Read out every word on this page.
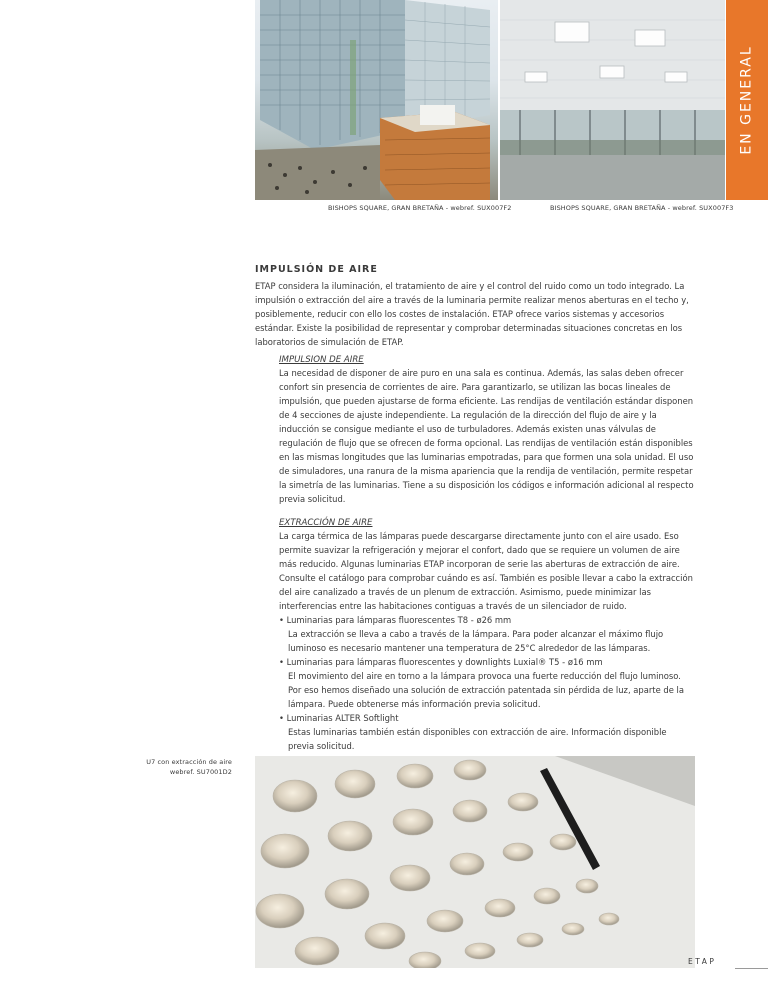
BISHOPS SQUARE, GRAN BRETAÑA - webref. SUX007F2	BISHOPS SQUARE, GRAN BRETAÑA - webref. SUX007F3
EN GENERAL
IMPULSIÓN DE AIRE

ETAP considera la iluminación, el tratamiento de aire y el control del ruido como un todo integrado. La impulsión o extracción del aire a través de la luminaria permite realizar menos aberturas en el techo y, posiblemente, reducir con ello los costes de instalación. ETAP ofrece varios sistemas y accesorios estándar. Existe la posibilidad de representar y comprobar determinadas situaciones concretas en los laboratorios de simulación de ETAP.

IMPULSION DE AIRE

La necesidad de disponer de aire puro en una sala es continua. Además, las salas deben ofrecer confort sin presencia de corrientes de aire. Para garantizarlo, se utilizan las bocas lineales de impulsión, que pueden ajustarse de forma eficiente. Las rendijas de ventilación estándar disponen de 4 secciones de ajuste independiente. La regulación de la dirección del flujo de aire y la inducción se consigue mediante el uso de turbuladores. Además existen unas válvulas de regulación de flujo que se ofrecen de forma opcional. Las rendijas de ventilación están disponibles en las mismas longitudes que las luminarias empotradas, para que formen una sola unidad. El uso de simuladores, una ranura de la misma apariencia que la rendija de ventilación, permite respetar la simetría de las luminarias. Tiene a su disposición los códigos e información adicional al respecto previa solicitud.

EXTRACCIÓN DE AIRE

La carga térmica de las lámparas puede descargarse directamente junto con el aire usado. Eso permite suavizar la refrigeración y mejorar el confort, dado que se requiere un volumen de aire más reducido. Algunas luminarias ETAP incorporan de serie las aberturas de extracción de aire. Consulte el catálogo para comprobar cuándo es así. También es posible llevar a cabo la extracción del aire canalizado a través de un plenum de extracción. Asimismo, puede minimizar las interferencias entre las habitaciones contiguas a través de un silenciador de ruido.

• Luminarias para lámparas fluorescentes T8 - ø26 mm
La extracción se lleva a cabo a través de la lámpara. Para poder alcanzar el máximo flujo luminoso es necesario mantener una temperatura de 25°C alrededor de las lámparas.
• Luminarias para lámparas fluorescentes y downlights Luxial® T5 - ø16 mm
El movimiento del aire en torno a la lámpara provoca una fuerte reducción del flujo luminoso. Por eso hemos diseñado una solución de extracción patentada sin pérdida de luz, aparte de la lámpara. Puede obtenerse más información previa solicitud.
• Luminarias ALTER Softlight
Estas luminarias también están disponibles con extracción de aire. Información disponible previa solicitud.
U7 con extracción de aire
webref. SU7001D2
ETAP
